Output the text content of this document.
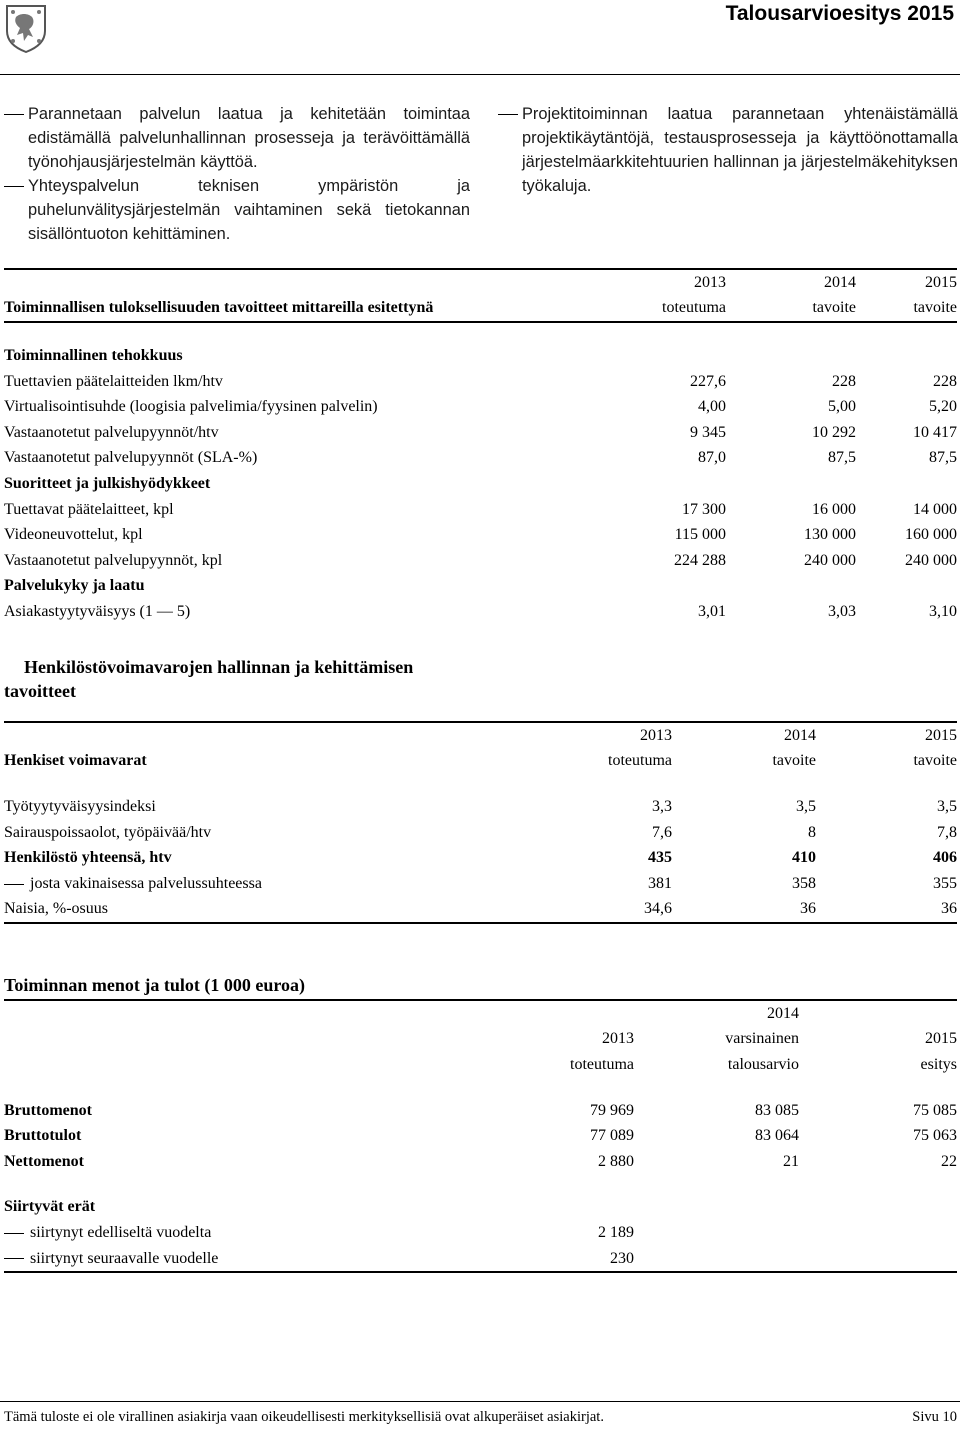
Talousarvioesitys 2015

Parannetaan palvelun laatua ja kehitetään toimintaa edistämällä palvelunhallinnan prosesseja ja terävöittämällä työnohjausjärjestelmän käyttöä.

Yhteyspalvelun teknisen ympäristön ja puhelunvälitysjärjestelmän vaihtaminen sekä tietokannan sisällöntuoton kehittäminen.

Projektitoiminnan laatua parannetaan yhtenäistämällä projektikäytäntöjä, testausprosesseja ja käyttöönottamalla järjestelmäarkkitehtuurien hallinnan ja järjestelmäkehityksen työkaluja.

	2013	2014	2015
Toiminnallisen tuloksellisuuden tavoitteet mittareilla esitettynä	toteutuma	tavoite	tavoite

Toiminnallinen tehokkuus			
Tuettavien päätelaitteiden lkm/htv	227,6	228	228
Virtualisointisuhde (loogisia palvelimia/fyysinen palvelin)	4,00	5,00	5,20
Vastaanotetut palvelupyynnöt/htv	9 345	10 292	10 417
Vastaanotetut palvelupyynnöt (SLA-%)	87,0	87,5	87,5
Suoritteet ja julkishyödykkeet			
Tuettavat päätelaitteet, kpl	17 300	16 000	14 000
Videoneuvottelut, kpl	115 000	130 000	160 000
Vastaanotetut palvelupyynnöt, kpl	224 288	240 000	240 000
Palvelukyky ja laatu			
Asiakastyytyväisyys (1 — 5)	3,01	3,03	3,10
Henkilöstövoimavarojen hallinnan ja kehittämisen
tavoitteet
	2013	2014	2015
Henkiset voimavarat	toteutuma	tavoite	tavoite

Työtyytyväisyysindeksi	3,3	3,5	3,5
Sairauspoissaolot, työpäivää/htv	7,6	8	7,8
Henkilöstö yhteensä, htv	435	410	406
josta vakinaisessa palvelussuhteessa	381	358	355
Naisia, %-osuus	34,6	36	36
Toiminnan menot ja tulot (1 000 euroa)
		2014	
	2013	varsinainen	2015
	toteutuma	talousarvio	esitys

Bruttomenot	79 969	83 085	75 085
Bruttotulot	77 089	83 064	75 063
Nettomenot	2 880	21	22

Siirtyvät erät			
siirtynyt edelliseltä vuodelta	2 189		
siirtynyt seuraavalle vuodelle	230		
Tämä tuloste ei ole virallinen asiakirja vaan oikeudellisesti merkityksellisiä ovat alkuperäiset asiakirjat.	Sivu 10
